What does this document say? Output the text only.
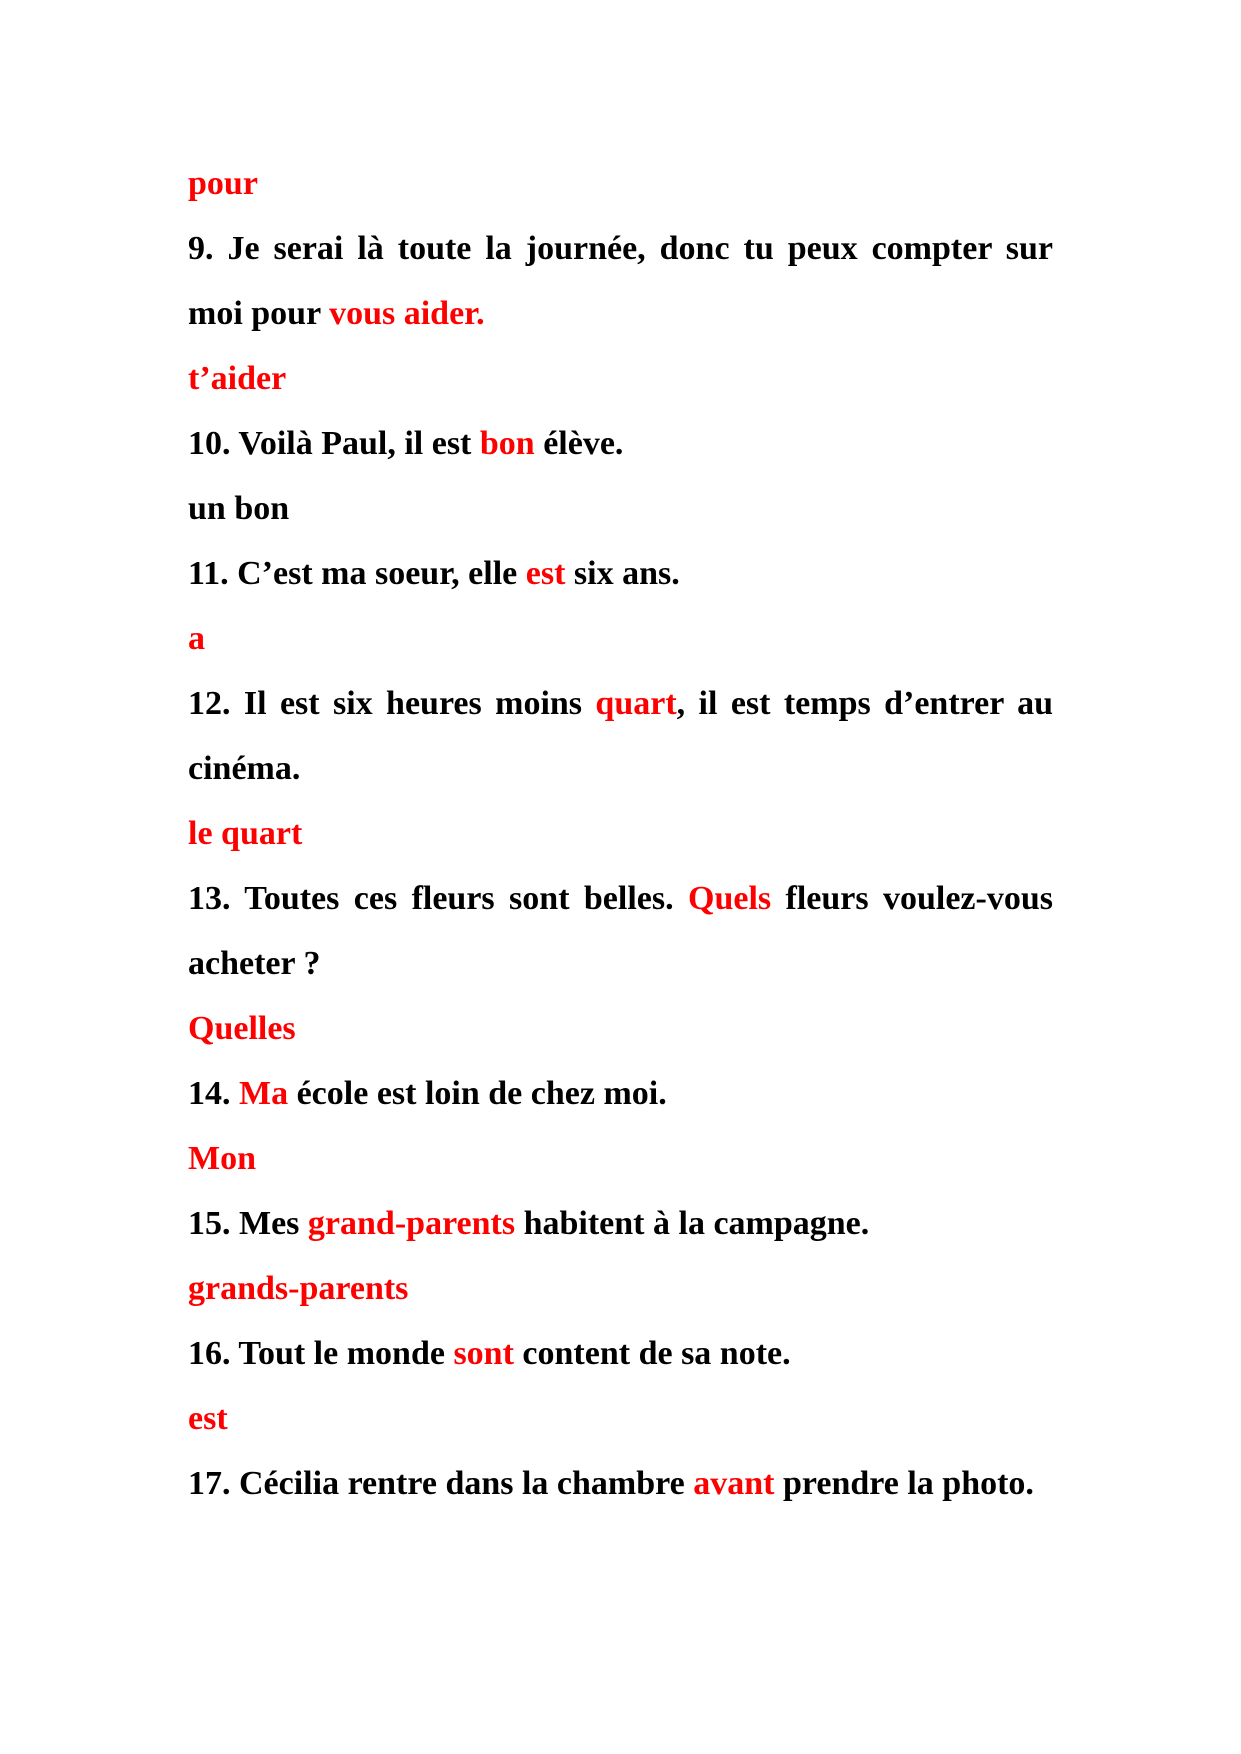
pour
9. Je serai là toute la journée, donc tu peux compter sur moi pour vous aider.
t’aider
10. Voilà Paul, il est bon élève.
un bon
11. C’est ma soeur, elle est six ans.
a
12. Il est six heures moins quart, il est temps d’entrer au cinéma.
le quart
13. Toutes ces fleurs sont belles. Quels fleurs voulez-vous acheter ?
Quelles
14. Ma école est loin de chez moi.
Mon
15. Mes grand-parents habitent à la campagne.
grands-parents
16. Tout le monde sont content de sa note.
est
17. Cécilia rentre dans la chambre avant prendre la photo.
